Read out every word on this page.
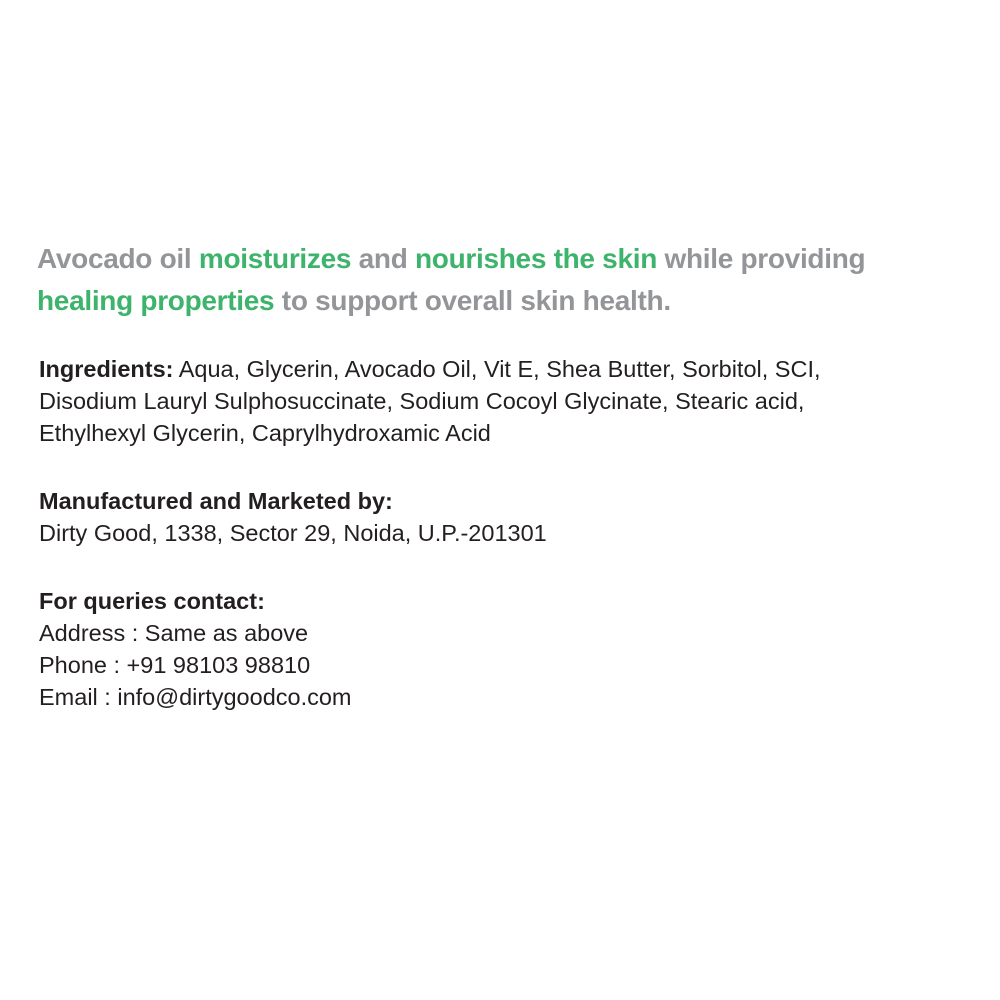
Avocado oil moisturizes and nourishes the skin while providing
healing properties to support overall skin health.

Ingredients: Aqua, Glycerin, Avocado Oil, Vit E, Shea Butter, Sorbitol, SCI,
Disodium Lauryl Sulphosuccinate, Sodium Cocoyl Glycinate, Stearic acid,
Ethylhexyl Glycerin, Caprylhydroxamic Acid
Manufactured and Marketed by:
Dirty Good, 1338, Sector 29, Noida, U.P.-201301
For queries contact:
Address : Same as above
Phone : +91 98103 98810
Email : info@dirtygoodco.com
